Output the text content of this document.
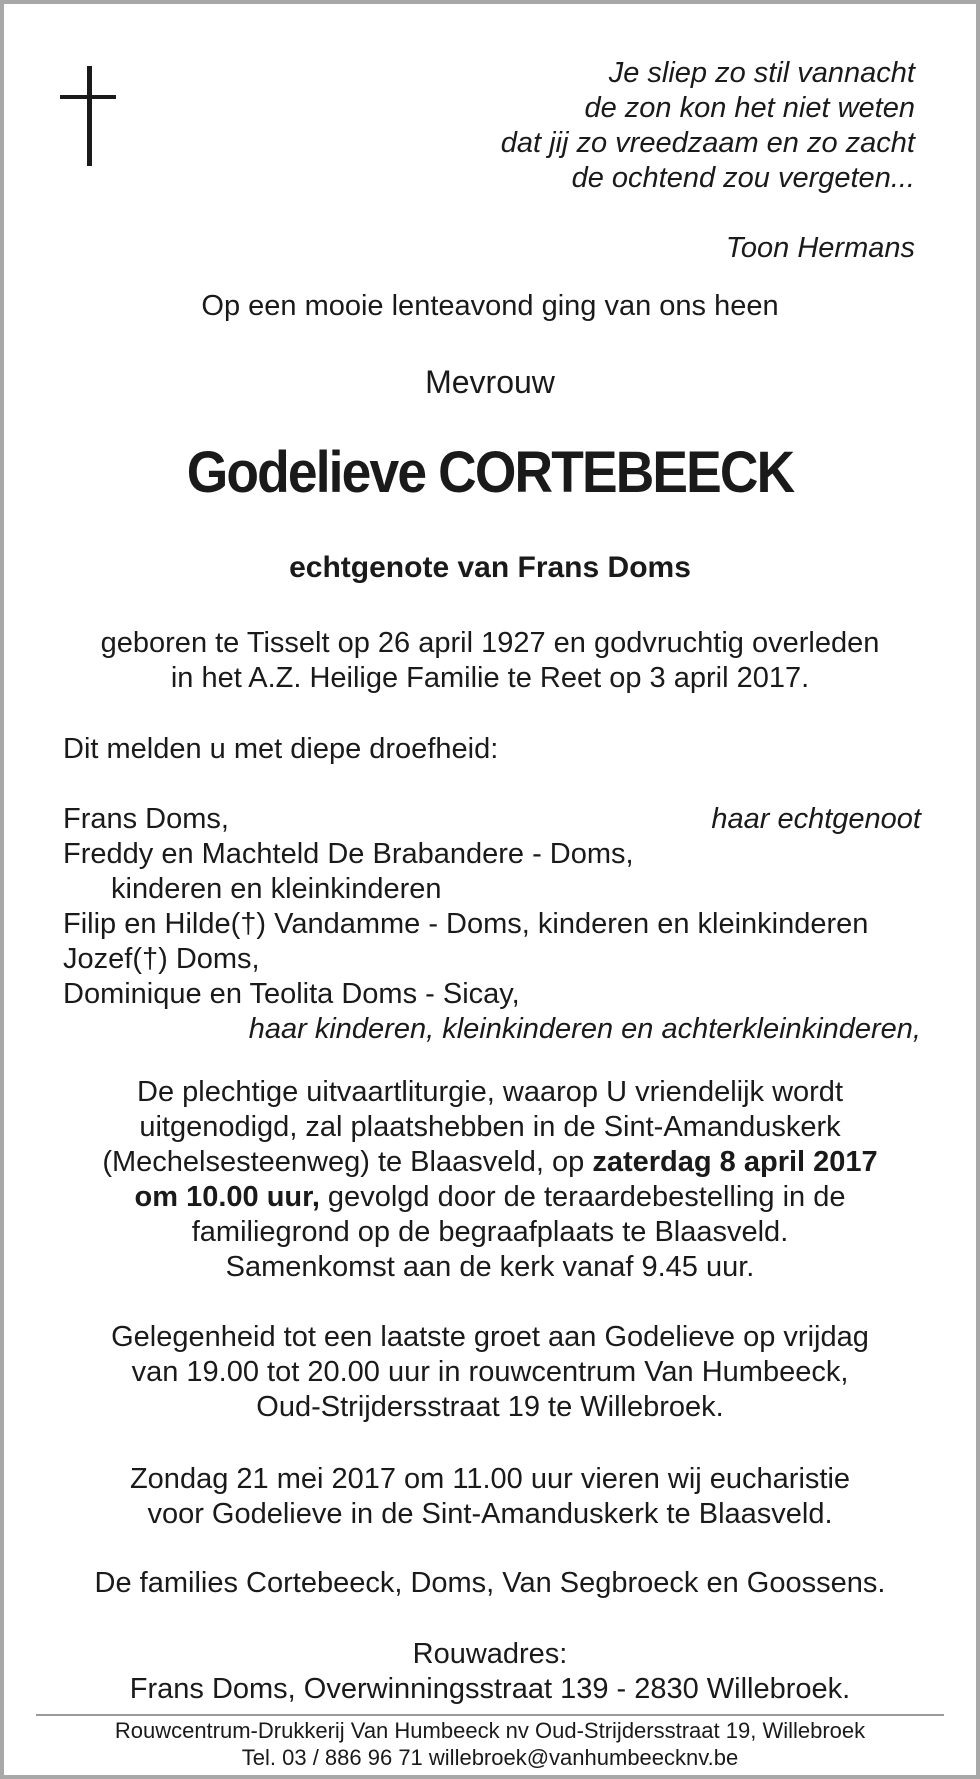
Je sliep zo stil vannacht
de zon kon het niet weten
dat jij zo vreedzaam en zo zacht
de ochtend zou vergeten...
Toon Hermans
Op een mooie lenteavond ging van ons heen
Mevrouw
Godelieve CORTEBEECK
echtgenote van Frans Doms
geboren te Tisselt op 26 april 1927 en godvruchtig overleden
in het A.Z. Heilige Familie te Reet op 3 april 2017.
Dit melden u met diepe droefheid:
Frans Doms,	haar echtgenoot
Freddy en Machteld De Brabandere - Doms,
kinderen en kleinkinderen
Filip en Hilde(†) Vandamme - Doms, kinderen en kleinkinderen
Jozef(†) Doms,
Dominique en Teolita Doms - Sicay,
haar kinderen, kleinkinderen en achterkleinkinderen,
De plechtige uitvaartliturgie, waarop U vriendelijk wordt
uitgenodigd, zal plaatshebben in de Sint-Amanduskerk
(Mechelsesteenweg) te Blaasveld, op zaterdag 8 april 2017
om 10.00 uur, gevolgd door de teraardebestelling in de
familiegrond op de begraafplaats te Blaasveld.
Samenkomst aan de kerk vanaf 9.45 uur.
Gelegenheid tot een laatste groet aan Godelieve op vrijdag
van 19.00 tot 20.00 uur in rouwcentrum Van Humbeeck,
Oud-Strijdersstraat 19 te Willebroek.
Zondag 21 mei 2017 om 11.00 uur vieren wij eucharistie
voor Godelieve in de Sint-Amanduskerk te Blaasveld.
De families Cortebeeck, Doms, Van Segbroeck en Goossens.
Rouwadres:
Frans Doms, Overwinningsstraat 139 - 2830 Willebroek.
Rouwcentrum-Drukkerij Van Humbeeck nv Oud-Strijdersstraat 19, Willebroek
Tel. 03 / 886 96 71 willebroek@vanhumbeecknv.be
